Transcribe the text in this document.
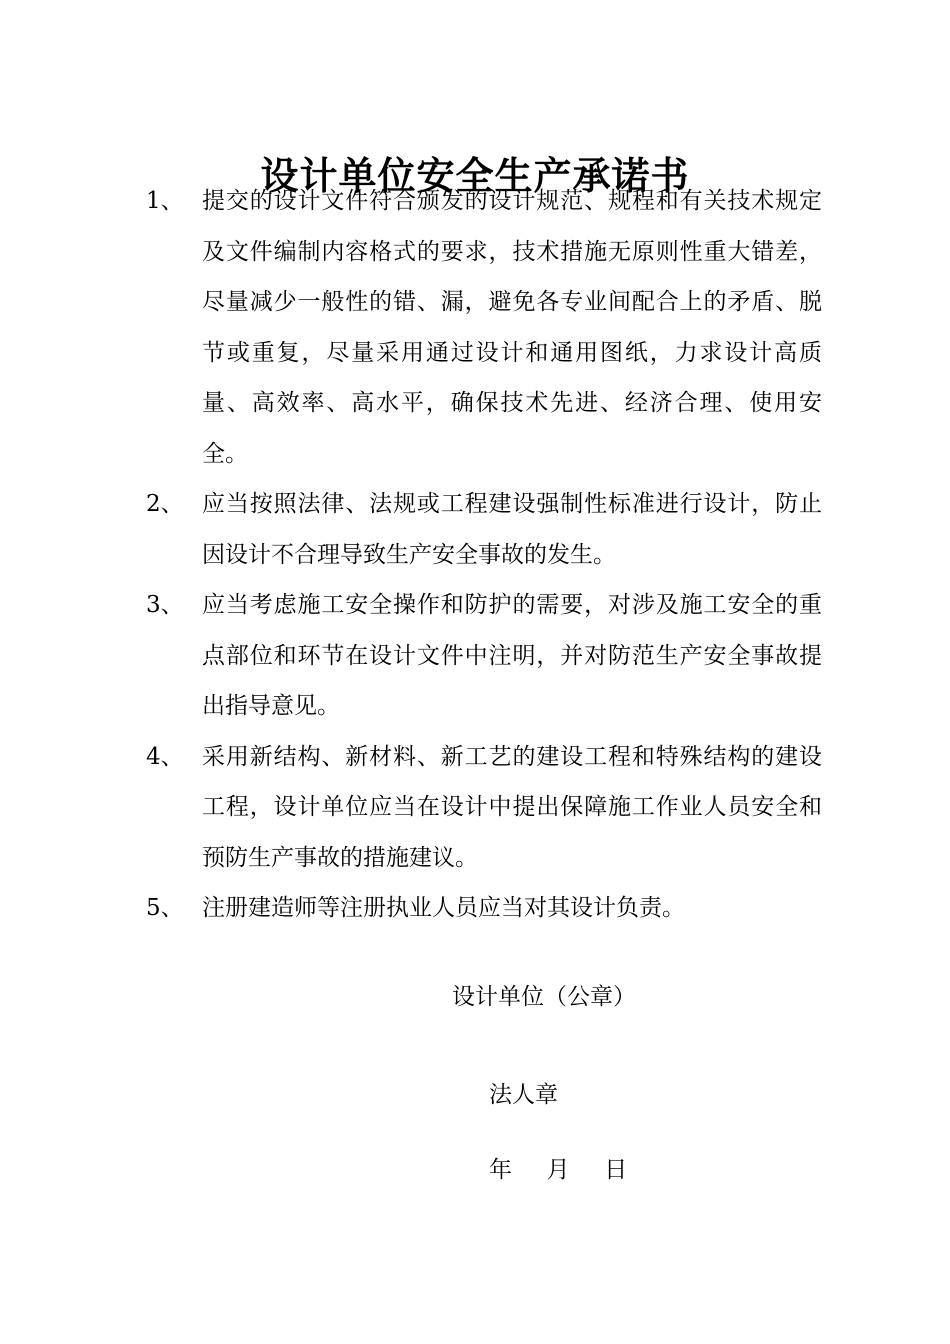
设计单位安全生产承诺书
1、 提交的设计文件符合颁发的设计规范、规程和有关技术规定及文件编制内容格式的要求，技术措施无原则性重大错差，尽量减少一般性的错、漏，避免各专业间配合上的矛盾、脱节或重复，尽量采用通过设计和通用图纸，力求设计高质量、高效率、高水平，确保技术先进、经济合理、使用安全。
2、 应当按照法律、法规或工程建设强制性标准进行设计，防止因设计不合理导致生产安全事故的发生。
3、 应当考虑施工安全操作和防护的需要，对涉及施工安全的重点部位和环节在设计文件中注明，并对防范生产安全事故提出指导意见。
4、 采用新结构、新材料、新工艺的建设工程和特殊结构的建设工程，设计单位应当在设计中提出保障施工作业人员安全和预防生产事故的措施建议。
5、 注册建造师等注册执业人员应当对其设计负责。
设计单位（公章）
法人章
年  月  日
